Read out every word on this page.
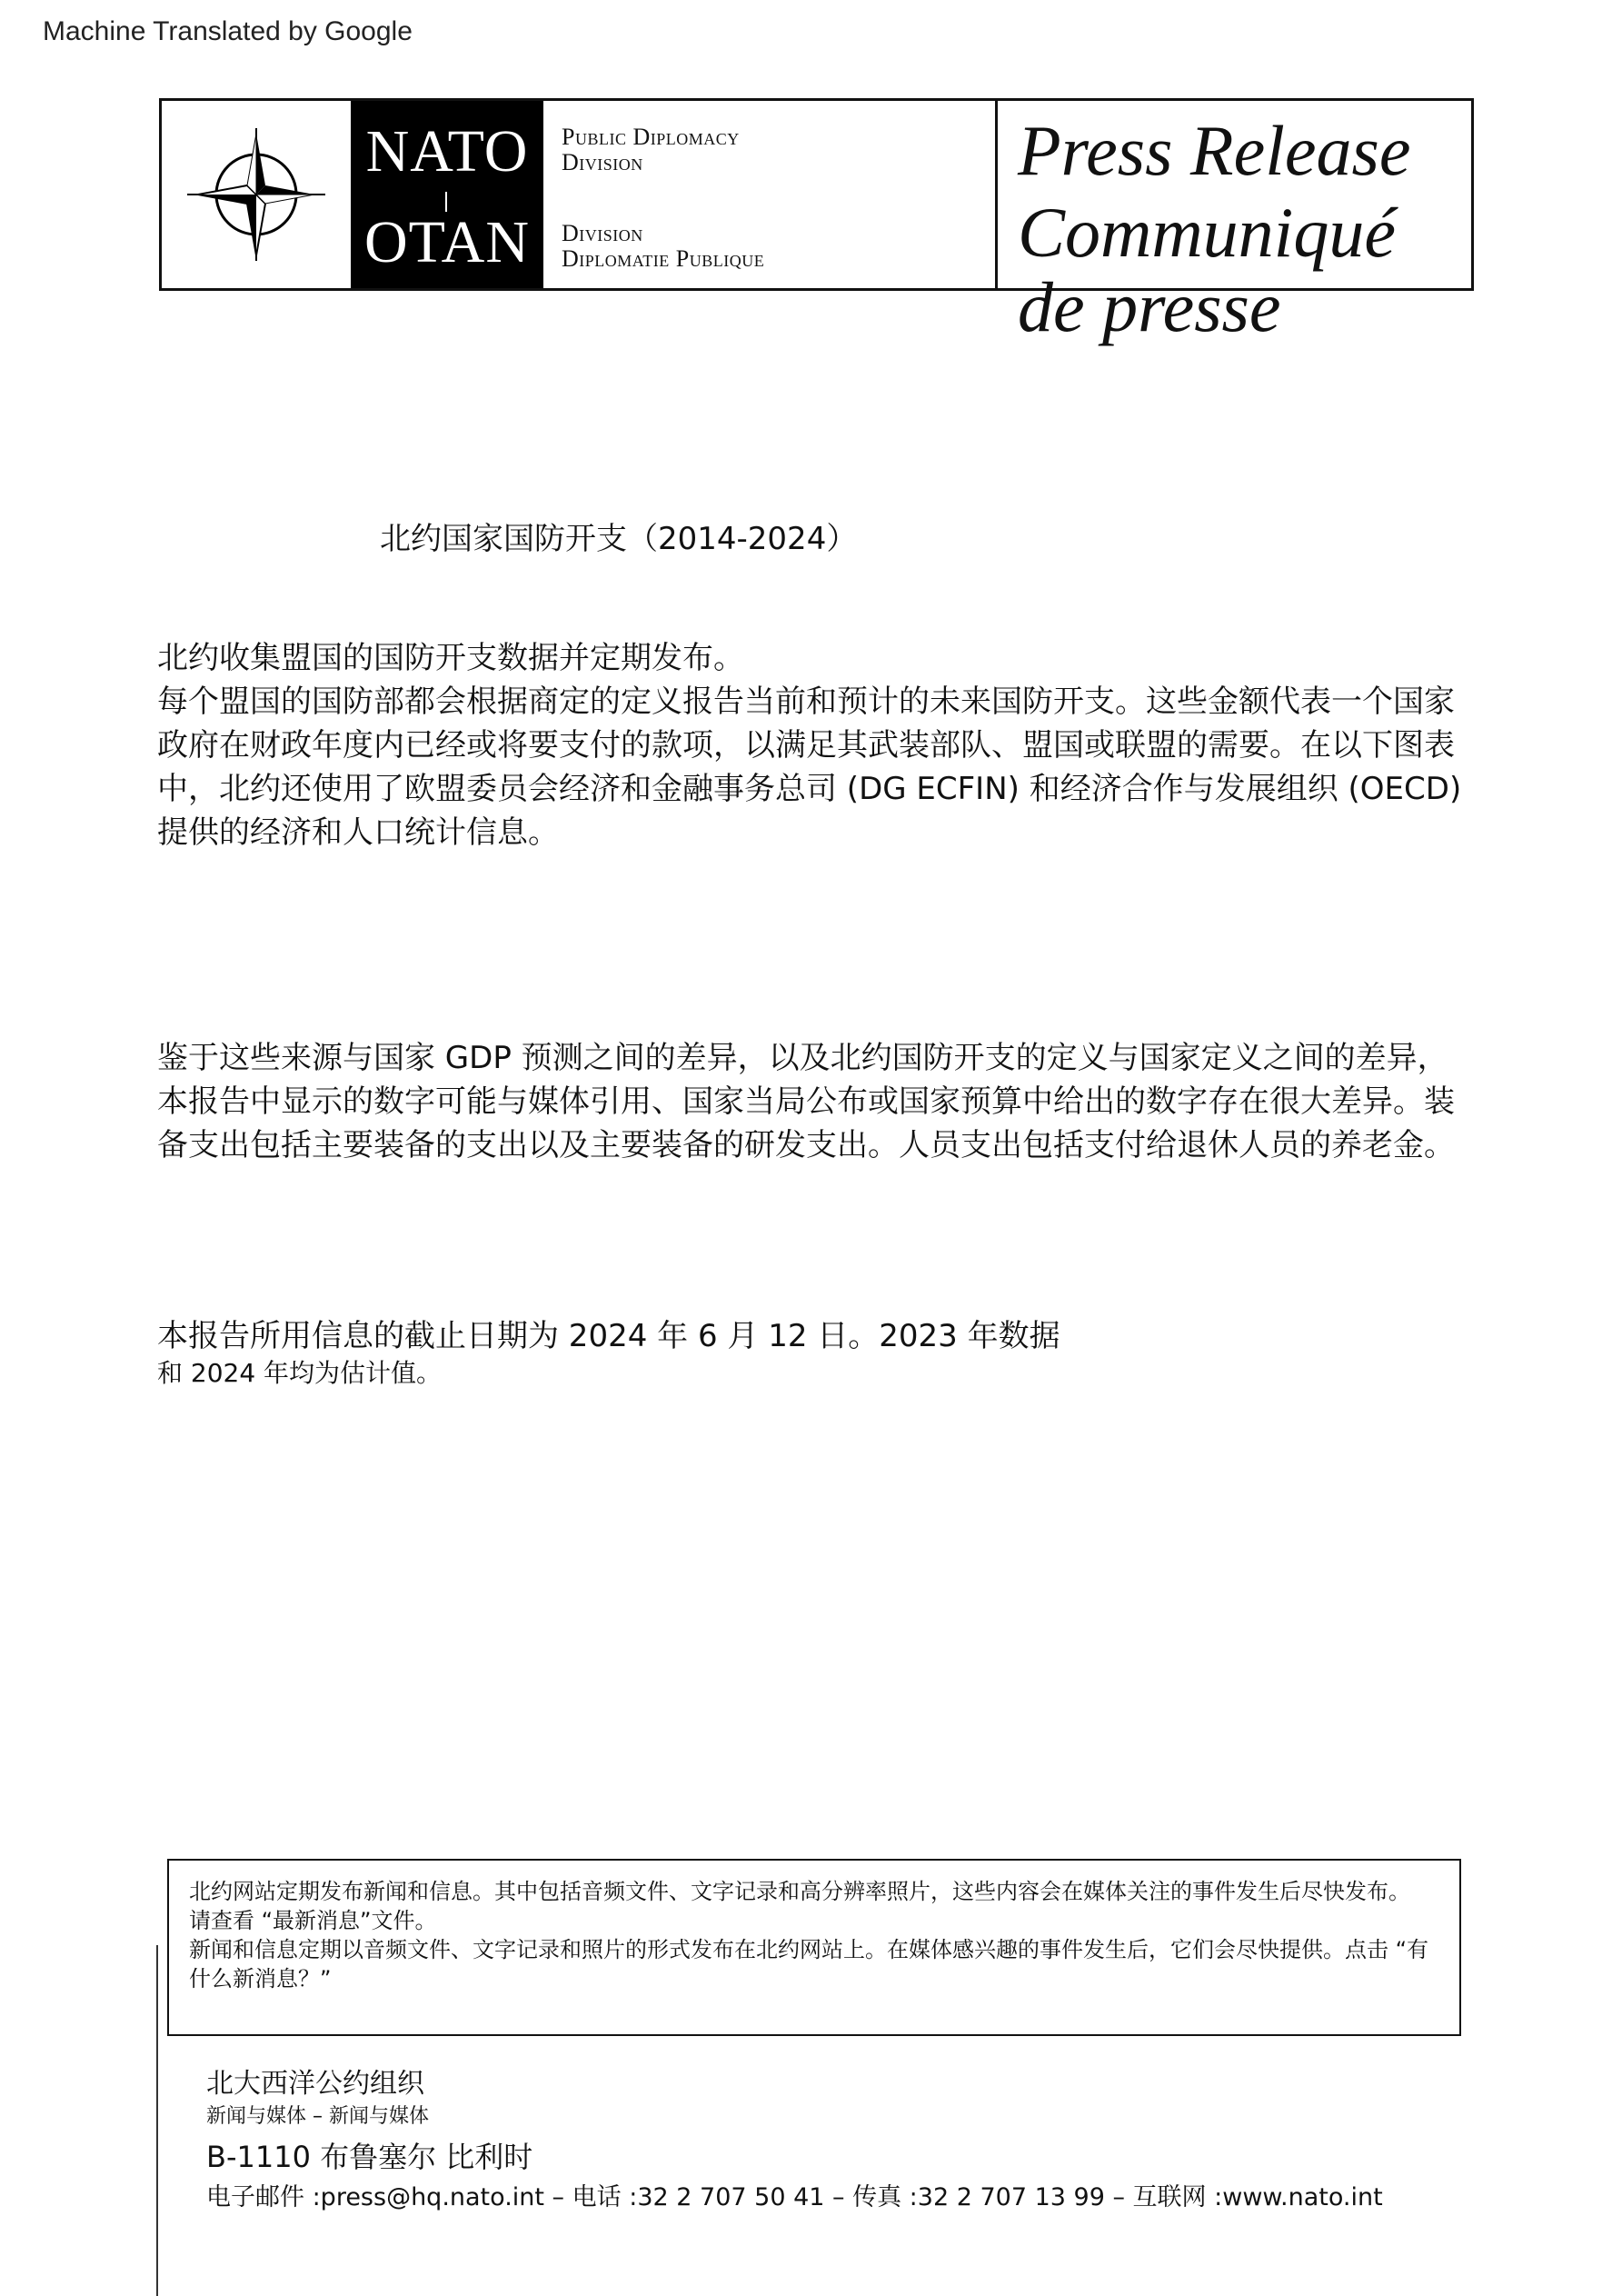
Machine Translated by Google
NATO
OTAN
Public Diplomacy
Division
Division
Diplomatie Publique
Press Release
Communiqué de presse
北约国家国防开支（2014-2024）

北约收集盟国的国防开支数据并定期发布。
每个盟国的国防部都会根据商定的定义报告当前和预计的未来国防开支。这些金额代表一个国家政府在财政年度内已经或将要支付的款项，以满足其武装部队、盟国或联盟的需要。在以下图表中，北约还使用了欧盟委员会经济和金融事务总司 (DG ECFIN) 和经济合作与发展组织 (OECD) 提供的经济和人口统计信息。

鉴于这些来源与国家 GDP 预测之间的差异，以及北约国防开支的定义与国家定义之间的差异，本报告中显示的数字可能与媒体引用、国家当局公布或国家预算中给出的数字存在很大差异。装备支出包括主要装备的支出以及主要装备的研发支出。人员支出包括支付给退休人员的养老金。

本报告所用信息的截止日期为 2024 年 6 月 12 日。2023 年数据
和 2024 年均为估计值。

北约网站定期发布新闻和信息。其中包括音频文件、文字记录和高分辨率照片，这些内容会在媒体关注的事件发生后尽快发布。
请查看 “最新消息”文件。
新闻和信息定期以音频文件、文字记录和照片的形式发布在北约网站上。在媒体感兴趣的事件发生后，它们会尽快提供。点击 “有什么新消息？”
北大西洋公约组织
新闻与媒体 – 新闻与媒体
B-1110 布鲁塞尔 比利时
电子邮件 :press@hq.nato.int – 电话 :32 2 707 50 41 – 传真 :32 2 707 13 99 – 互联网 :www.nato.int
